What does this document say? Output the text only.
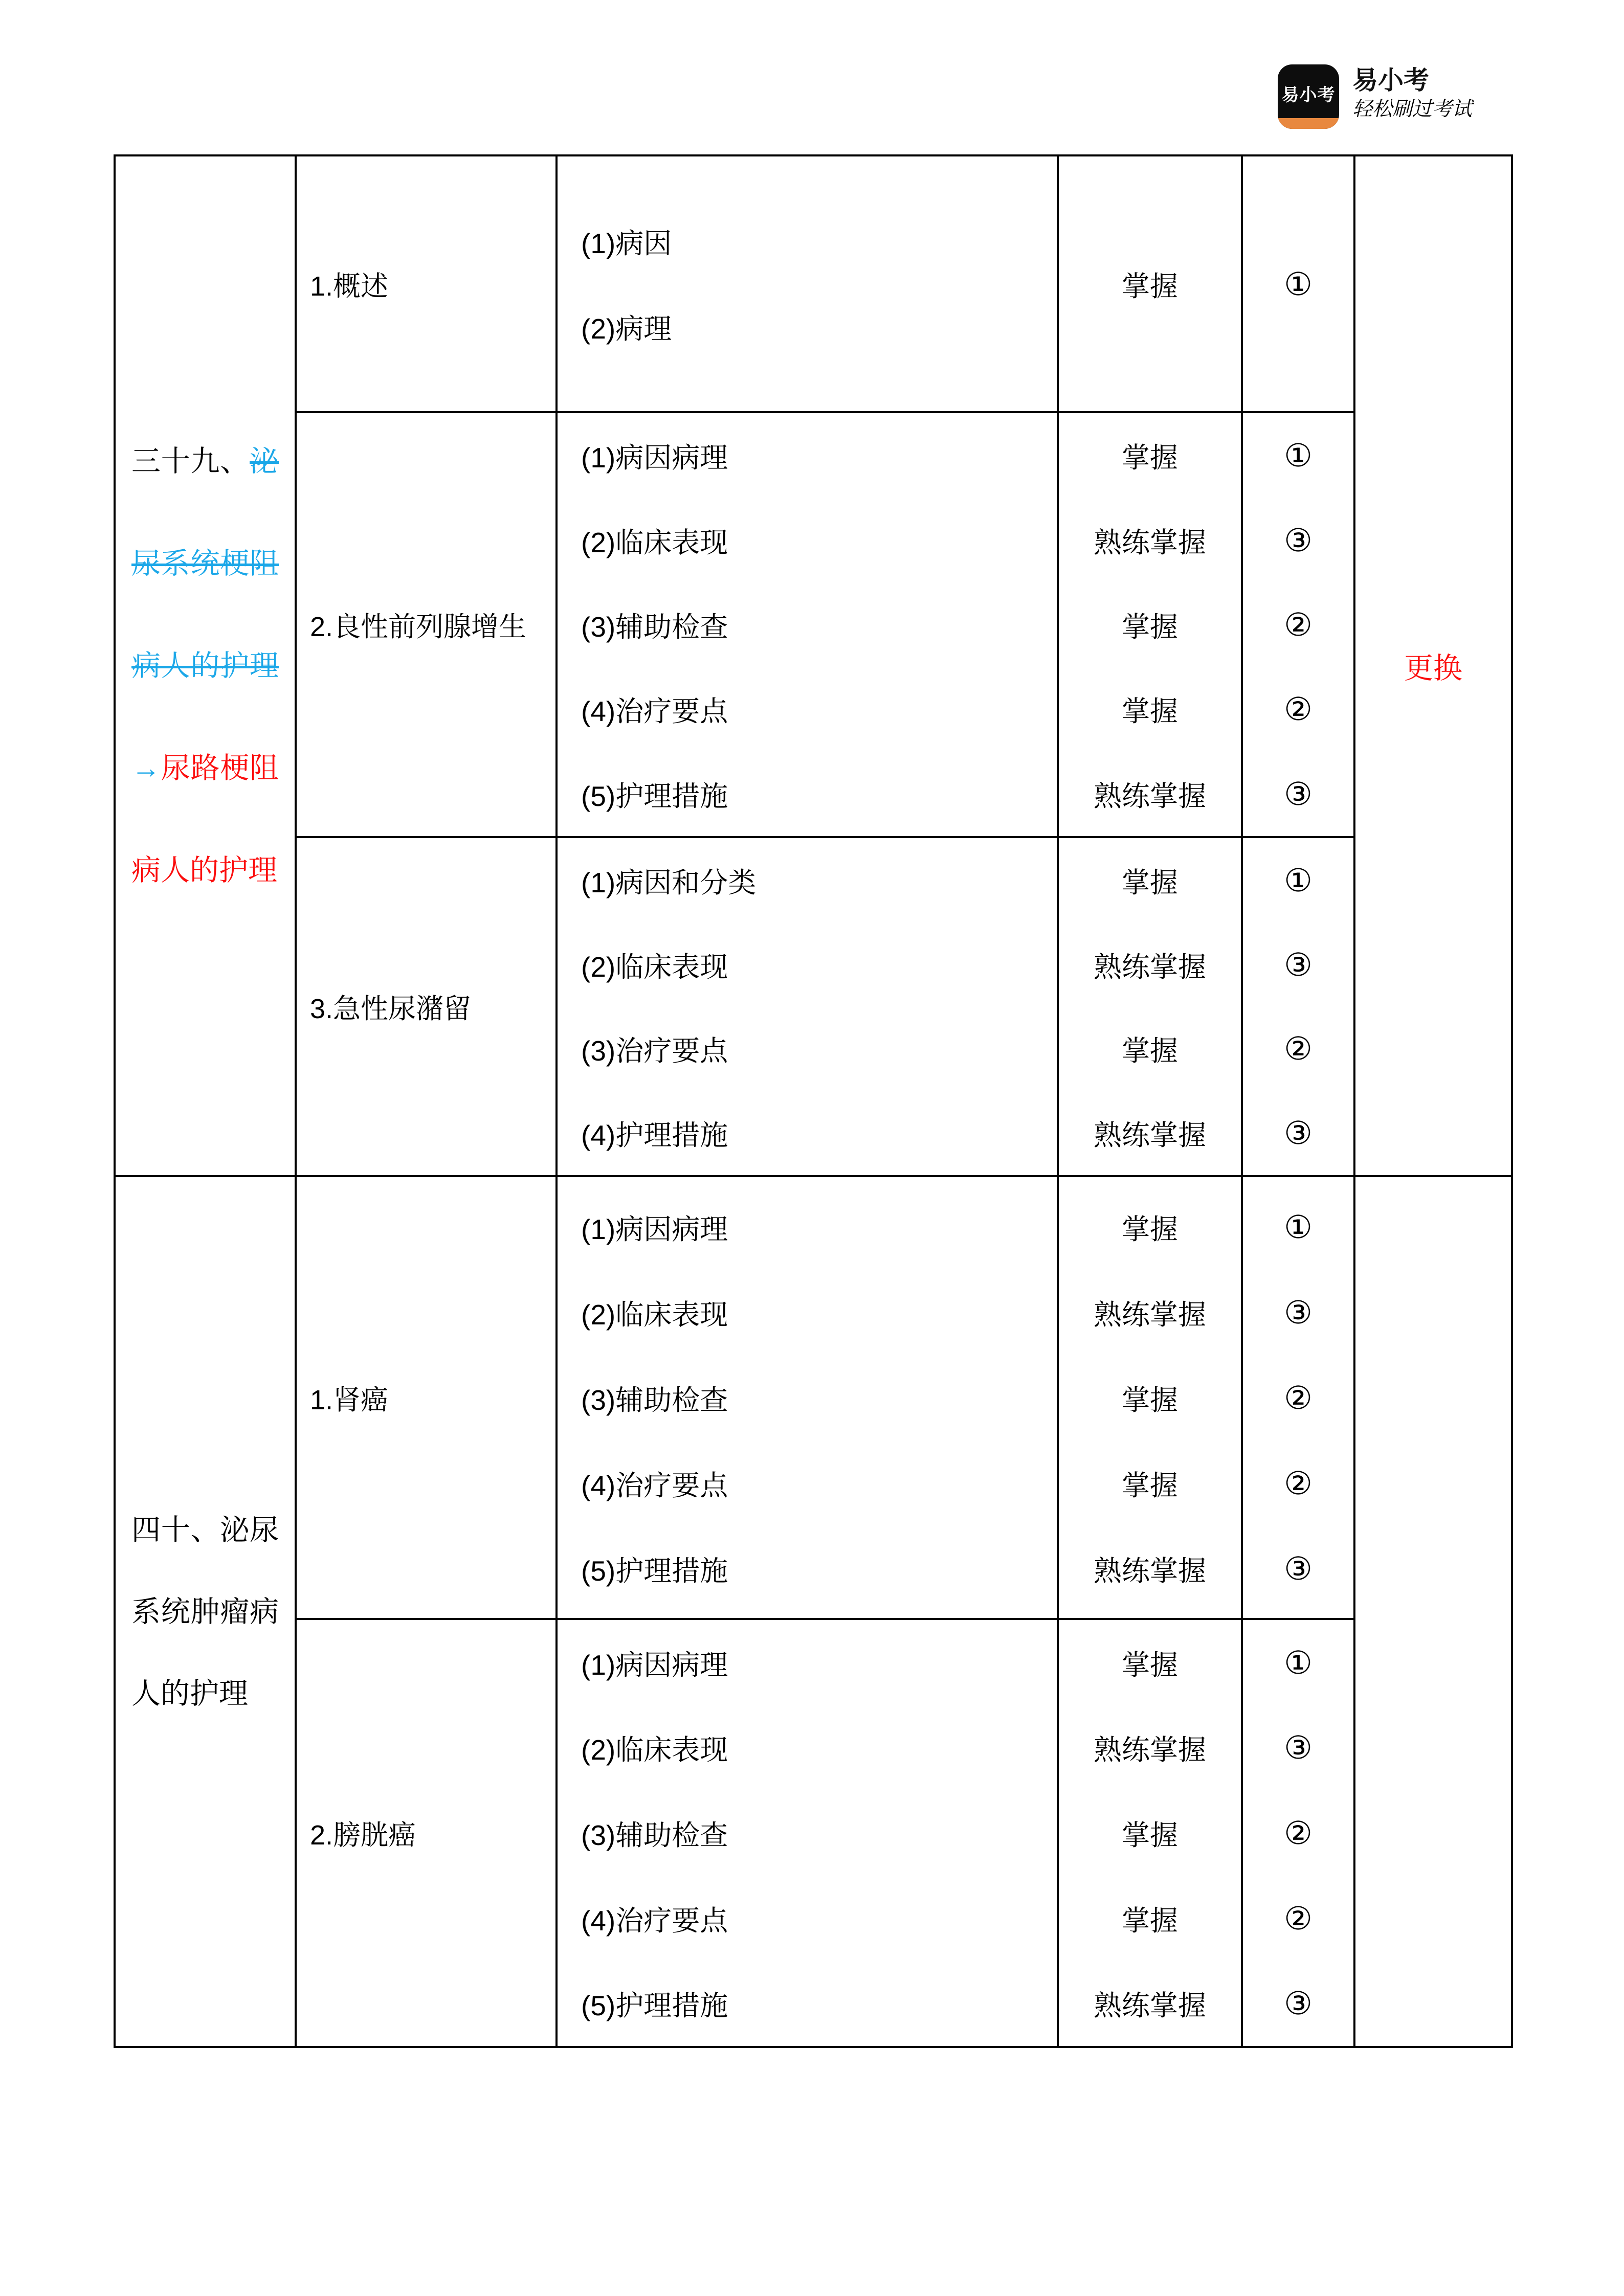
易小考
易小考
轻松刷过考试
三十九、泌尿系统梗阻病人的护理→尿路梗阻病人的护理
更换
1.概述
(1)病因
(2)病理
掌握	①
2.良性前列腺增生
(1)病因病理
(2)临床表现
(3)辅助检查
(4)治疗要点
(5)护理措施
掌握
熟练掌握
掌握
掌握
熟练掌握
①
③
②
②
③
3.急性尿潴留
(1)病因和分类
(2)临床表现
(3)治疗要点
(4)护理措施
掌握
熟练掌握
掌握
熟练掌握
①
③
②
③
四十、泌尿系统肿瘤病人的护理
1.肾癌
(1)病因病理
(2)临床表现
(3)辅助检查
(4)治疗要点
(5)护理措施
掌握
熟练掌握
掌握
掌握
熟练掌握
①
③
②
②
③
2.膀胱癌
(1)病因病理
(2)临床表现
(3)辅助检查
(4)治疗要点
(5)护理措施
掌握
熟练掌握
掌握
掌握
熟练掌握
①
③
②
②
③
